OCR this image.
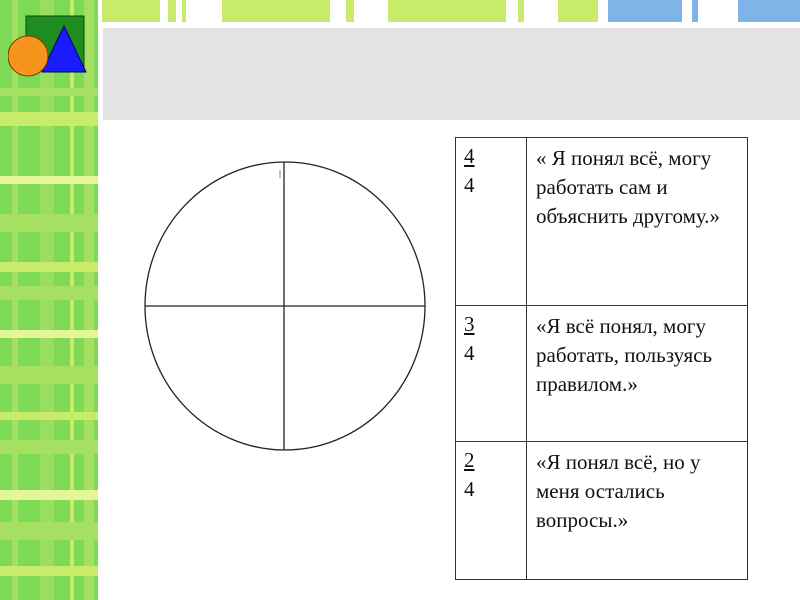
4
4	« Я понял всё, могу работать сам и объяснить другому.»

3
4	«Я всё понял, могу работать, пользуясь правилом.»

2
4	«Я понял всё, но у меня остались вопросы.»
